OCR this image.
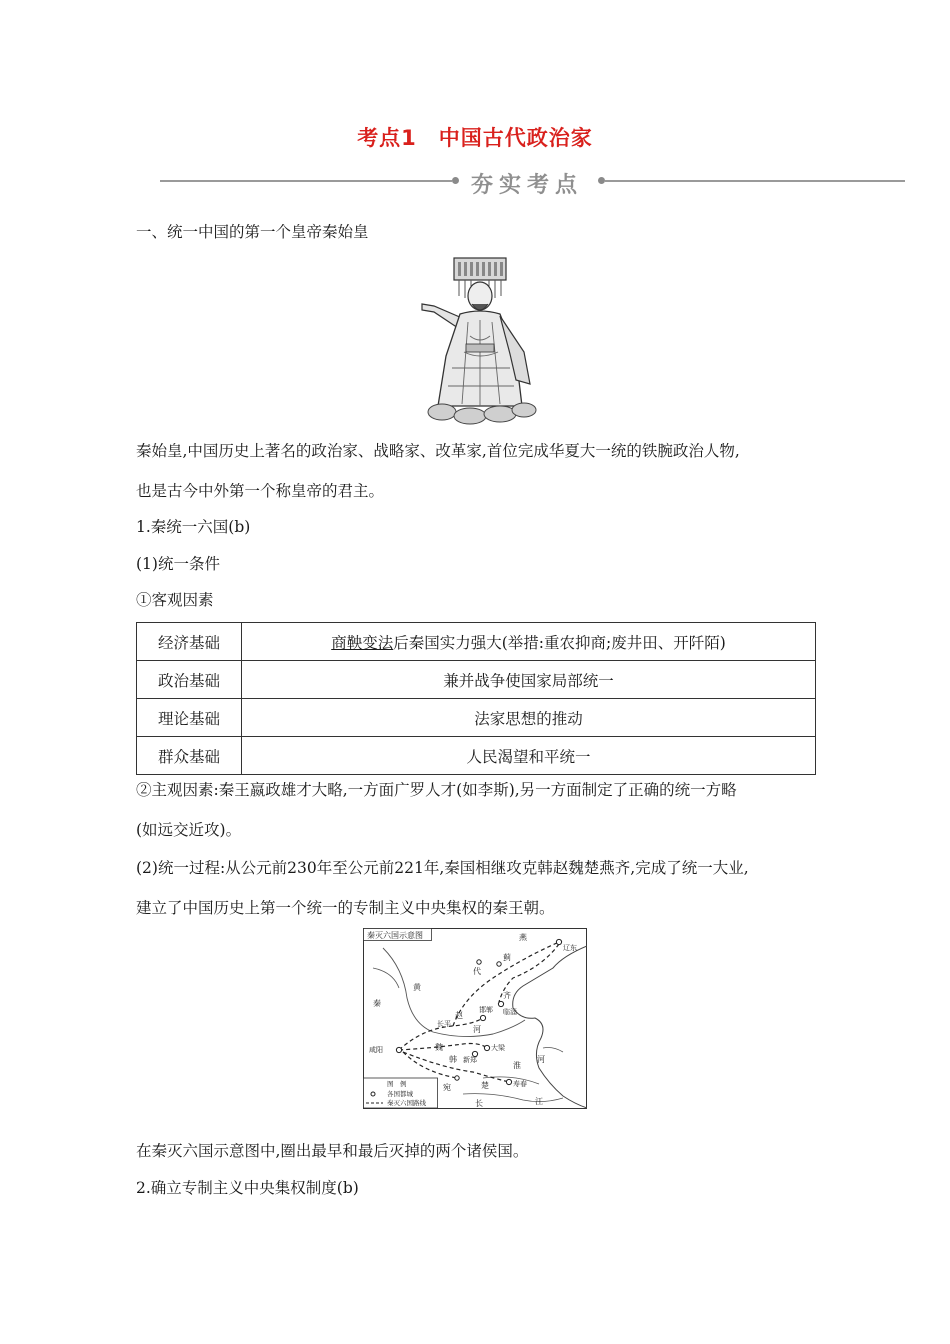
考点1　中国古代政治家
夯实考点
一、统一中国的第一个皇帝秦始皇
秦始皇,中国历史上著名的政治家、战略家、改革家,首位完成华夏大一统的铁腕政治人物,
也是古今中外第一个称皇帝的君主。
1.秦统一六国(b)
(1)统一条件
①客观因素
经济基础	商鞅变法后秦国实力强大(举措:重农抑商;废井田、开阡陌)
政治基础	兼并战争使国家局部统一
理论基础	法家思想的推动
群众基础	人民渴望和平统一
②主观因素:秦王嬴政雄才大略,一方面广罗人才(如李斯),另一方面制定了正确的统一方略
(如远交近攻)。
(2)统一过程:从公元前230年至公元前221年,秦国相继攻克韩赵魏楚燕齐,完成了统一大业,
建立了中国历史上第一个统一的专制主义中央集权的秦王朝。
秦灭六国示意图	燕
辽东
代
蓟
秦
黄
赵
邯郸
长平
河
齐
临淄
咸阳	魏	大梁
韩 新郑
淮
河
宛	楚	寿春
长	江
图　例
各国都城
秦灭六国路线
在秦灭六国示意图中,圈出最早和最后灭掉的两个诸侯国。
2.确立专制主义中央集权制度(b)
